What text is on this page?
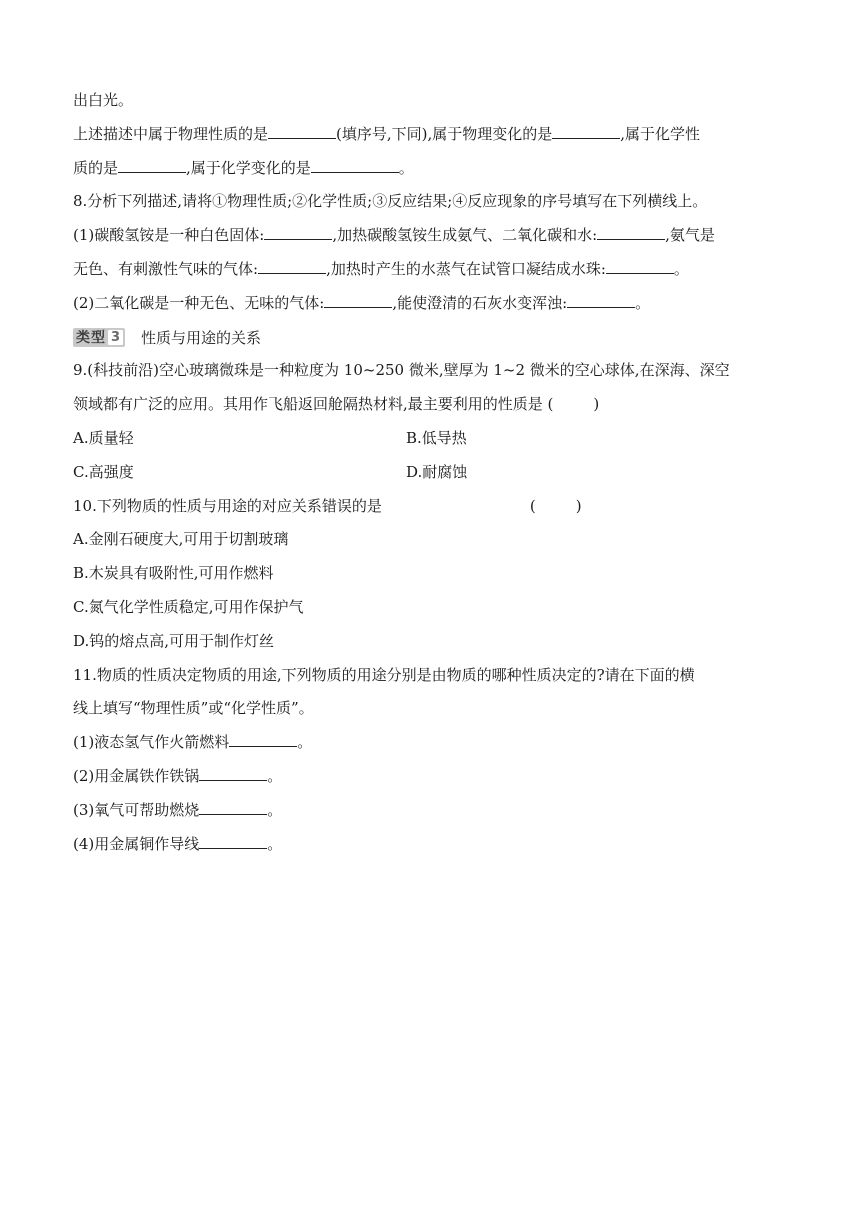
出白光。
上述描述中属于物理性质的是	(填序号,下同),属于物理变化的是	,属于化学性
质的是	,属于化学变化的是	。
8.分析下列描述,请将①物理性质;②化学性质;③反应结果;④反应现象的序号填写在下列横线上。
(1)碳酸氢铵是一种白色固体:	,加热碳酸氢铵生成氨气、二氧化碳和水:	,氨气是
无色、有刺激性气味的气体:	,加热时产生的水蒸气在试管口凝结成水珠:	。
(2)二氧化碳是一种无色、无味的气体:	,能使澄清的石灰水变浑浊:	。
类型 3 性质与用途的关系
9.(科技前沿)空心玻璃微珠是一种粒度为 10~250 微米,壁厚为 1~2 微米的空心球体,在深海、深空
领域都有广泛的应用。其用作飞船返回舱隔热材料,最主要利用的性质是 (	)
A.质量轻	B.低导热
C.高强度	D.耐腐蚀
10.下列物质的性质与用途的对应关系错误的是	(	)
A.金刚石硬度大,可用于切割玻璃
B.木炭具有吸附性,可用作燃料
C.氮气化学性质稳定,可用作保护气
D.钨的熔点高,可用于制作灯丝
11.物质的性质决定物质的用途,下列物质的用途分别是由物质的哪种性质决定的?请在下面的横
线上填写“物理性质”或“化学性质”。
(1)液态氢气作火箭燃料	。
(2)用金属铁作铁锅	。
(3)氧气可帮助燃烧	。
(4)用金属铜作导线	。
